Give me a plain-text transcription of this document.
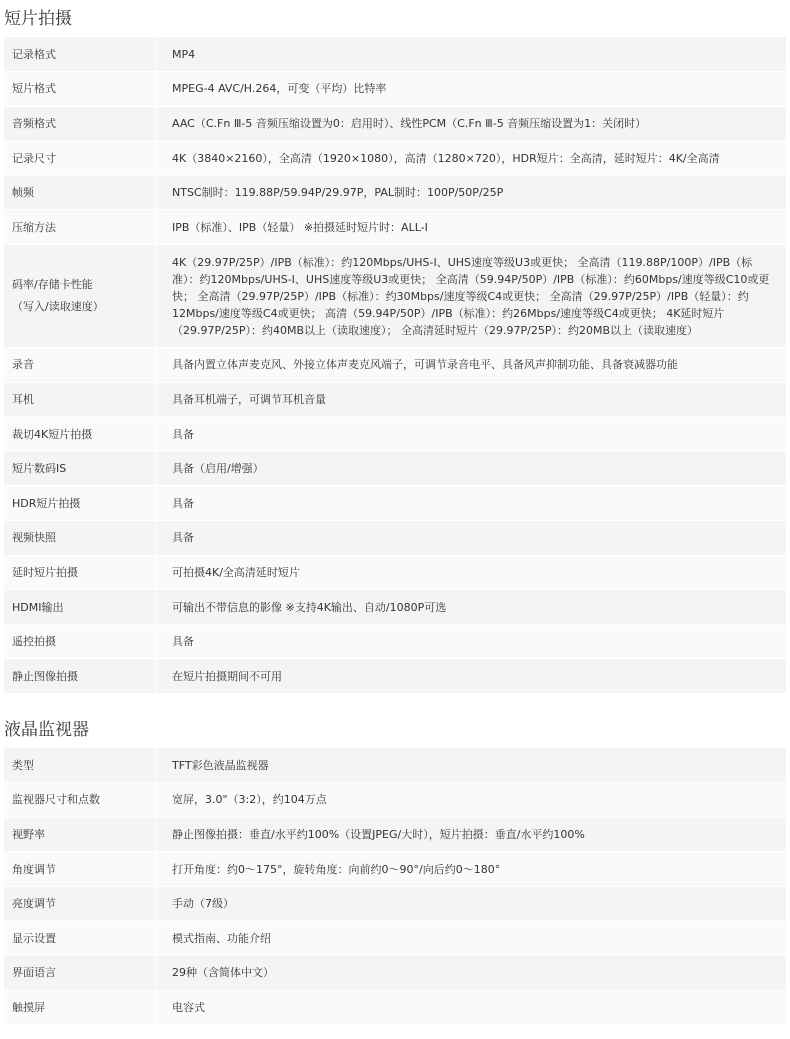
短片拍摄
记录格式	MP4

短片格式	MPEG-4 AVC/H.264，可变（平均）比特率

音频格式	AAC（C.Fn Ⅲ-5 音频压缩设置为0：启用时）、线性PCM（C.Fn Ⅲ-5 音频压缩设置为1：关闭时）

记录尺寸	4K（3840×2160），全高清（1920×1080），高清（1280×720），HDR短片：全高清，延时短片：4K/全高清

帧频	NTSC制时：119.88P/59.94P/29.97P，PAL制时：100P/50P/25P

压缩方法	IPB（标准）、IPB（轻量） ※拍摄延时短片时：ALL-I

码率/存储卡性能
（写入/读取速度）	4K（29.97P/25P）/IPB（标准）：约120Mbps/UHS-I、UHS速度等级U3或更快； 全高清（119.88P/100P）/IPB（标准）：约120Mbps/UHS-I、UHS速度等级U3或更快； 全高清（59.94P/50P）/IPB（标准）：约60Mbps/速度等级C10或更快； 全高清（29.97P/25P）/IPB（标准）：约30Mbps/速度等级C4或更快； 全高清（29.97P/25P）/IPB（轻量）：约12Mbps/速度等级C4或更快； 高清（59.94P/50P）/IPB（标准）：约26Mbps/速度等级C4或更快； 4K延时短片（29.97P/25P）：约40MB以上（读取速度）； 全高清延时短片（29.97P/25P）：约20MB以上（读取速度）

录音	具备内置立体声麦克风、外接立体声麦克风端子，可调节录音电平、具备风声抑制功能、具备衰减器功能

耳机	具备耳机端子，可调节耳机音量

裁切4K短片拍摄	具备

短片数码IS	具备（启用/增强）

HDR短片拍摄	具备

视频快照	具备

延时短片拍摄	可拍摄4K/全高清延时短片

HDMI输出	可输出不带信息的影像 ※支持4K输出、自动/1080P可选

遥控拍摄	具备

静止图像拍摄	在短片拍摄期间不可用
液晶监视器
类型	TFT彩色液晶监视器

监视器尺寸和点数	宽屏，3.0"（3:2），约104万点

视野率	静止图像拍摄：垂直/水平约100%（设置JPEG/大时），短片拍摄：垂直/水平约100%

角度调节	打开角度：约0～175°，旋转角度：向前约0～90°/向后约0～180°

亮度调节	手动（7级）

显示设置	模式指南、功能介绍

界面语言	29种（含简体中文）

触摸屏	电容式
